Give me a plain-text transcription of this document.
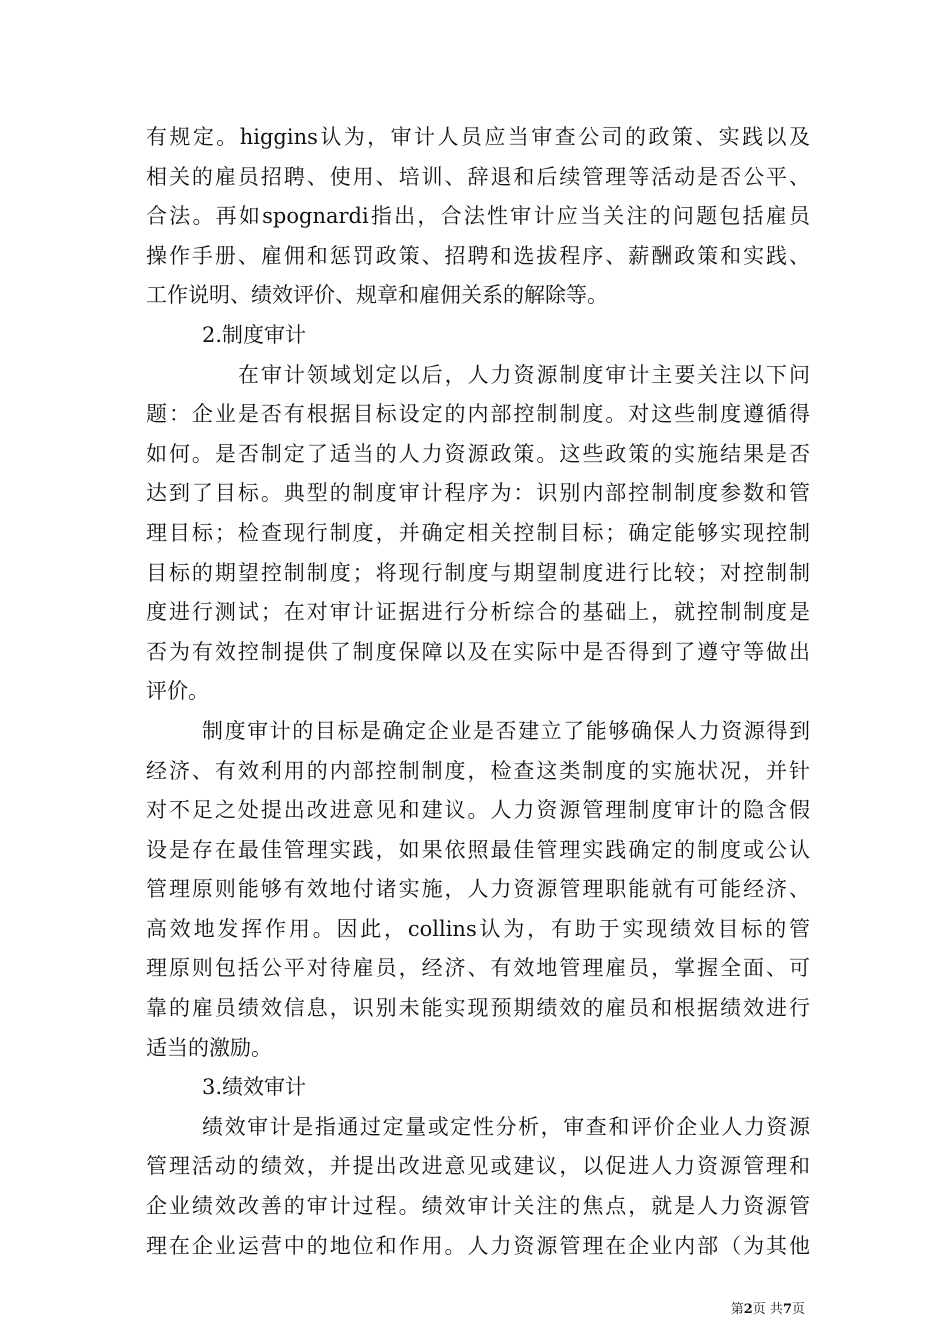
有规定。higgins认为，审计人员应当审查公司的政策、实践以及
相关的雇员招聘、使用、培训、辞退和后续管理等活动是否公平、
合法。再如spognardi指出，合法性审计应当关注的问题包括雇员
操作手册、雇佣和惩罚政策、招聘和选拔程序、薪酬政策和实践、
工作说明、绩效评价、规章和雇佣关系的解除等。
2.制度审计
在审计领域划定以后，人力资源制度审计主要关注以下问
题：企业是否有根据目标设定的内部控制制度。对这些制度遵循得
如何。是否制定了适当的人力资源政策。这些政策的实施结果是否
达到了目标。典型的制度审计程序为：识别内部控制制度参数和管
理目标；检查现行制度，并确定相关控制目标；确定能够实现控制
目标的期望控制制度；将现行制度与期望制度进行比较；对控制制
度进行测试；在对审计证据进行分析综合的基础上，就控制制度是
否为有效控制提供了制度保障以及在实际中是否得到了遵守等做出
评价。
制度审计的目标是确定企业是否建立了能够确保人力资源得到
经济、有效利用的内部控制制度，检查这类制度的实施状况，并针
对不足之处提出改进意见和建议。人力资源管理制度审计的隐含假
设是存在最佳管理实践，如果依照最佳管理实践确定的制度或公认
管理原则能够有效地付诸实施，人力资源管理职能就有可能经济、
高效地发挥作用。因此，collins认为，有助于实现绩效目标的管
理原则包括公平对待雇员，经济、有效地管理雇员，掌握全面、可
靠的雇员绩效信息，识别未能实现预期绩效的雇员和根据绩效进行
适当的激励。
3.绩效审计
绩效审计是指通过定量或定性分析，审查和评价企业人力资源
管理活动的绩效，并提出改进意见或建议，以促进人力资源管理和
企业绩效改善的审计过程。绩效审计关注的焦点，就是人力资源管
理在企业运营中的地位和作用。人力资源管理在企业内部（为其他
第2页 共7页
